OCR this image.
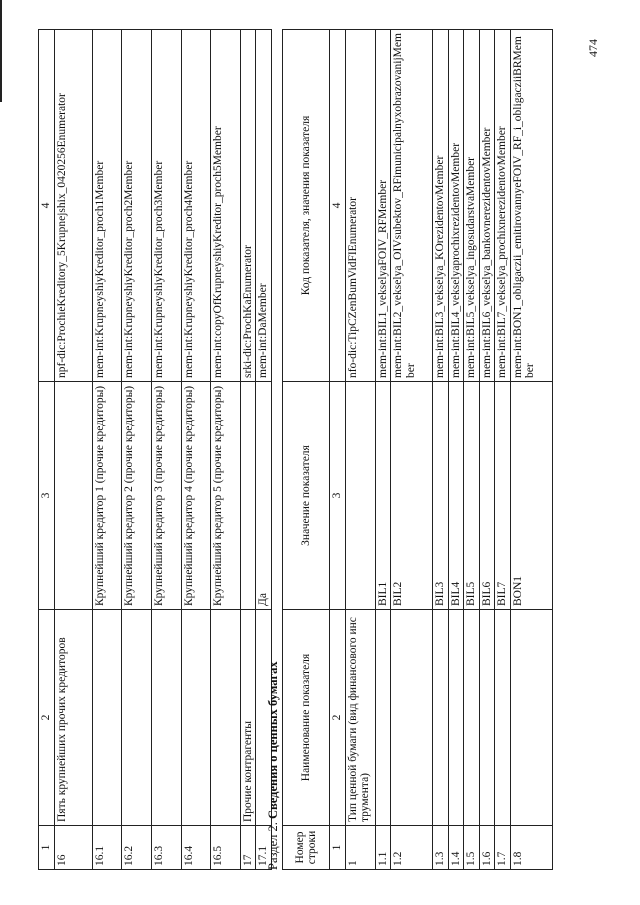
1	2	3	4
16	Пять крупнейших прочих кредиторов		npf-dic:ProchieKreditory_5Krupnejshix_0420256Enumerator
16.1		Крупнейший кредитор 1 (прочие кредиторы)	mem-int:KrupneyshiyKreditor_proch1Member
16.2		Крупнейший кредитор 2 (прочие кредиторы)	mem-int:KrupneyshiyKreditor_proch2Member
16.3		Крупнейший кредитор 3 (прочие кредиторы)	mem-int:KrupneyshiyKreditor_proch3Member
16.4		Крупнейший кредитор 4 (прочие кредиторы)	mem-int:KrupneyshiyKreditor_proch4Member
16.5		Крупнейший кредитор 5 (прочие кредиторы)	mem-int:copyOfKrupneyshiyKreditor_proch5Member
17	Прочие контрагенты		srki-dic:ProchKaEnumerator
17.1		Да	mem-int:DaMember
Раздел 2. Сведения о ценных бумагах
Номер строки	Наименование показателя	Значение показателя	Код показателя, значения показателя
1	2	3	4
1	Тип ценной бумаги (вид финансового инструмента)		nfo-dic:TipCZenBumVidFIEnumerator
1.1		BIL1	mem-int:BIL1_vekselyaFOIV_RFMember
1.2		BIL2	mem-int:BIL2_vekselya_OIVsubektov_RFimunicipalnyxobrazovanijMember
1.3		BIL3	mem-int:BIL3_vekselya_KOrezidentovMember
1.4		BIL4	mem-int:BIL4_vekselyaprochixrezidentovMember
1.5		BIL5	mem-int:BIL5_vekselya_ingosudarstvaMember
1.6		BIL6	mem-int:BIL6_vekselya_bankovnerezidentovMember
1.7		BIL7	mem-int:BIL7_vekselya_prochixnerezidentovMember
1.8		BON1	mem-int:BON1_obligaczii_emitirovannyeFOIV_RF_i_obligacziiBRMember
474
